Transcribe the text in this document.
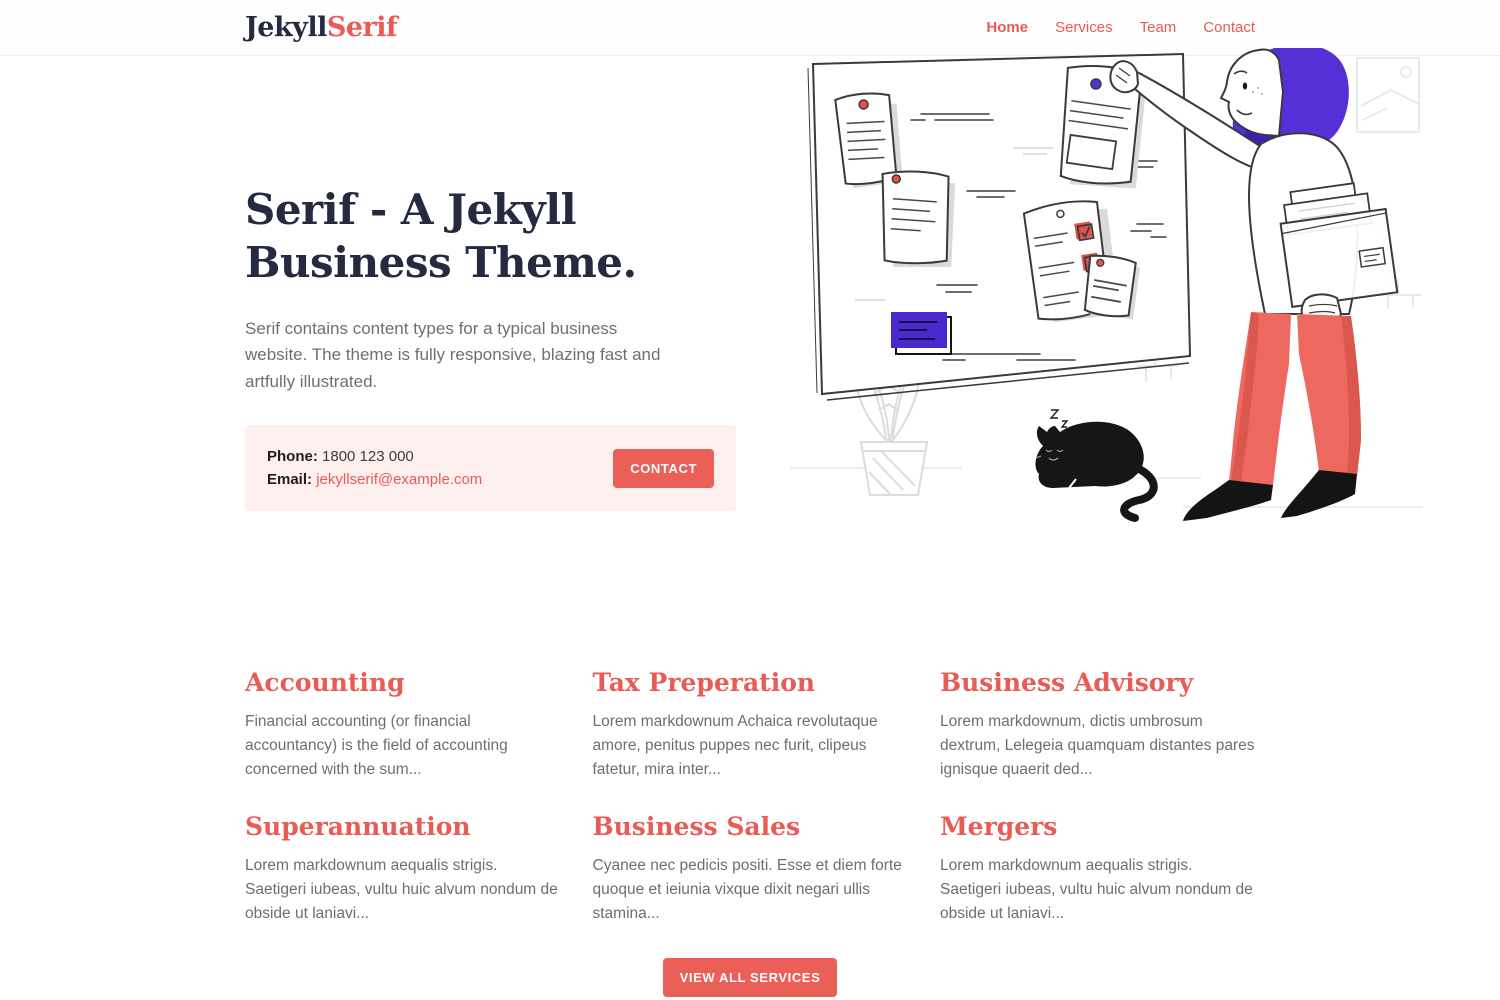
JekyllSerif	Home Services Team Contact
Serif - A Jekyll
Business Theme.

Serif contains content types for a typical business website. The theme is fully responsive, blazing fast and artfully illustrated.

Phone: 1800 123 000
Email: jekyllserif@example.com
CONTACT
Accounting

Financial accounting (or financial accountancy) is the field of accounting concerned with the sum...

Tax Preperation

Lorem markdownum Achaica revolutaque amore, penitus puppes nec furit, clipeus fatetur, mira inter...

Business Advisory

Lorem markdownum, dictis umbrosum dextrum, Lelegeia quamquam distantes pares ignisque quaerit ded...

Superannuation

Lorem markdownum aequalis strigis. Saetigeri iubeas, vultu huic alvum nondum de obside ut laniavi...

Business Sales

Cyanee nec pedicis positi. Esse et diem forte quoque et ieiunia vixque dixit negari ullis stamina...

Mergers

Lorem markdownum aequalis strigis. Saetigeri iubeas, vultu huic alvum nondum de obside ut laniavi...

VIEW ALL SERVICES
